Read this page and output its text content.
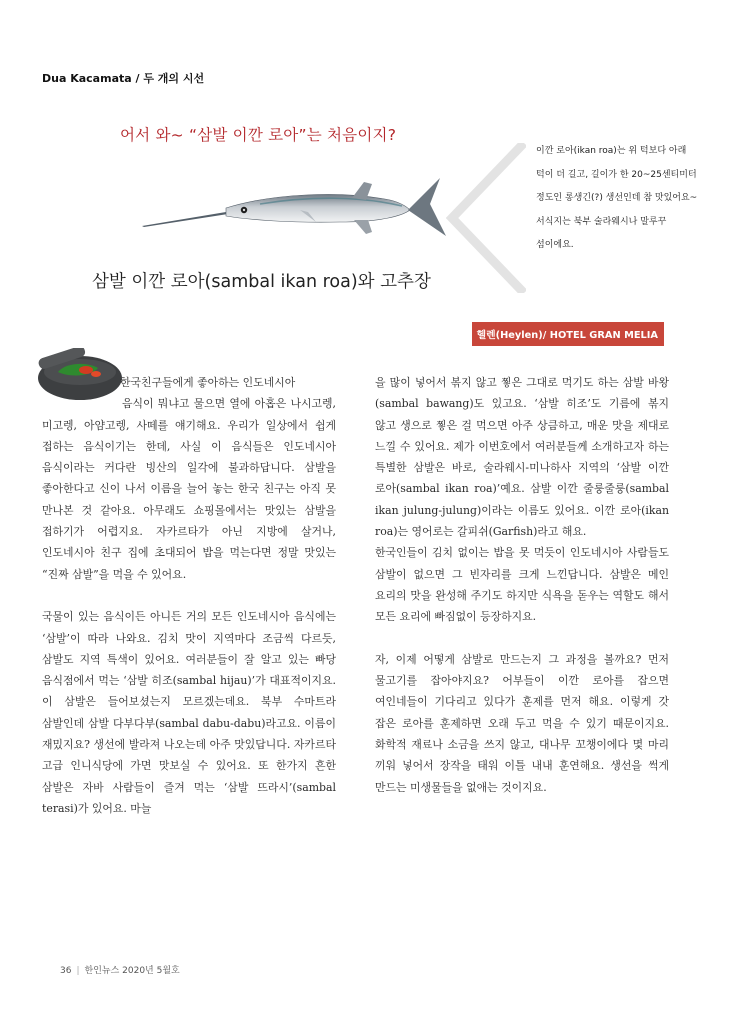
Dua Kacamata / 두 개의 시선
어서 와~ “삼발 이깐 로아”는 처음이지?
이깐 로아(ikan roa)는 위 턱보다 아래 턱이 더 길고, 길이가 한 20~25센티미터 정도인 롱생긴(?) 생선인데 참 맛있어요~ 서식지는 북부 술라웨시나 말루꾸 섬이에요.
삼발 이깐 로아(sambal ikan roa)와 고추장
헬렌(Heylen)/ HOTEL GRAN MELIA

한국친구들에게 좋아하는 인도네시아
음식이 뭐냐고 물으면 열에 아홉은 나시고렝, 미고렝, 아얌고렝, 사떼를 얘기해요. 우리가 일상에서 쉽게 접하는 음식이기는 한데, 사실 이 음식들은 인도네시아 음식이라는 커다란 빙산의 일각에 불과하답니다. 삼발을 좋아한다고 신이 나서 이름을 늘어 놓는 한국 친구는 아직 못 만나본 것 같아요. 아무래도 쇼핑몰에서는 맛있는 삼발을 접하기가 어렵지요. 자카르타가 아닌 지방에 살거나, 인도네시아 친구 집에 초대되어 밥을 먹는다면 정말 맛있는 “진짜 삼발”을 먹을 수 있어요.

국물이 있는 음식이든 아니든 거의 모든 인도네시아 음식에는 ‘삼발’이 따라 나와요. 김치 맛이 지역마다 조금씩 다르듯, 삼발도 지역 특색이 있어요. 여러분들이 잘 알고 있는 빠당 음식점에서 먹는 ‘삼발 히조(sambal hijau)’가 대표적이지요. 이 삼발은 들어보셨는지 모르겠는데요. 북부 수마트라 삼발인데 삼발 다부다부(sambal dabu-dabu)라고요. 이름이 재밌지요? 생선에 발라져 나오는데 아주 맛있답니다. 자카르타 고급 인니식당에 가면 맛보실 수 있어요. 또 한가지 흔한 삼발은 자바 사람들이 즐겨 먹는 ‘삼발 뜨라시’(sambal terasi)가 있어요. 마늘

을 많이 넣어서 볶지 않고 찧은 그대로 먹기도 하는 삼발 바왕(sambal bawang)도 있고요. ‘삼발 히조’도 기름에 볶지 않고 생으로 찧은 걸 먹으면 아주 상큼하고, 매운 맛을 제대로 느낄 수 있어요. 제가 이번호에서 여러분들께 소개하고자 하는 특별한 삼발은 바로, 술라웨시-미나하사 지역의 ‘삼발 이깐 로아(sambal ikan roa)’예요. 삼발 이깐 줄룽줄룽(sambal ikan julung-julung)이라는 이름도 있어요. 이깐 로아(ikan roa)는 영어로는 갈피쉬(Garfish)라고 해요.
한국인들이 김치 없이는 밥을 못 먹듯이 인도네시아 사람들도 삼발이 없으면 그 빈자리를 크게 느낀답니다. 삼발은 메인 요리의 맛을 완성해 주기도 하지만 식욕을 돋우는 역할도 해서 모든 요리에 빠짐없이 등장하지요.

자, 이제 어떻게 삼발로 만드는지 그 과정을 볼까요? 먼저 물고기를 잡아야지요? 어부들이 이깐 로아를 잡으면 여인네들이 기다리고 있다가 훈제를 먼저 해요. 이렇게 갓 잡은 로아를 훈제하면 오래 두고 먹을 수 있기 때문이지요. 화학적 재료나 소금을 쓰지 않고, 대나무 꼬챙이에다 몇 마리 끼워 넣어서 장작을 태워 이틀 내내 훈연해요. 생선을 썩게 만드는 미생물들을 없애는 것이지요.

36 | 한인뉴스 2020년 5월호
